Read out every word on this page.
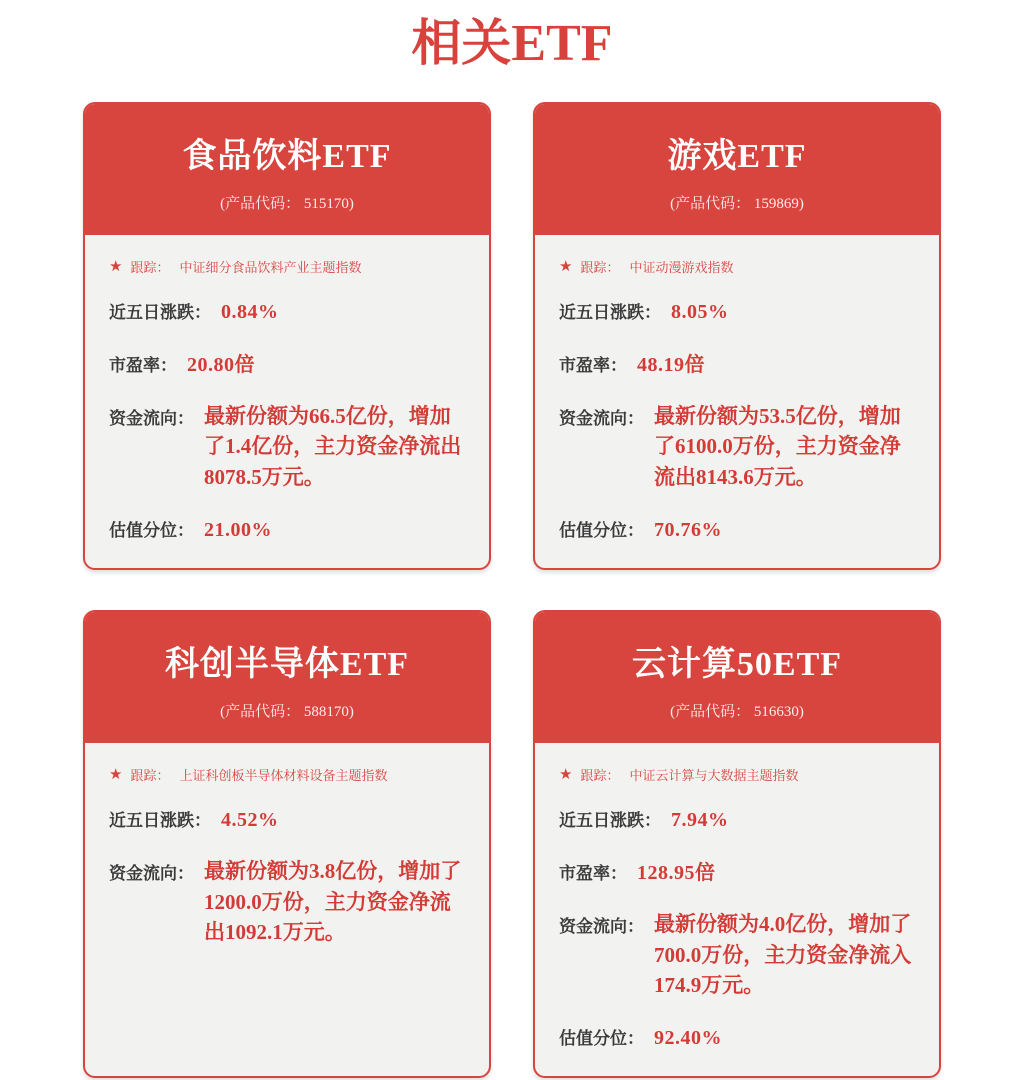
相关ETF
食品饮料ETF
(产品代码： 515170)
★ 跟踪： 中证细分食品饮料产业主题指数
近五日涨跌： 0.84%
市盈率： 20.80倍
资金流向： 最新份额为66.5亿份，增加了1.4亿份，主力资金净流出8078.5万元。
估值分位： 21.00%
游戏ETF
(产品代码： 159869)
★ 跟踪： 中证动漫游戏指数
近五日涨跌： 8.05%
市盈率： 48.19倍
资金流向： 最新份额为53.5亿份，增加了6100.0万份，主力资金净流出8143.6万元。
估值分位： 70.76%
科创半导体ETF
(产品代码： 588170)
★ 跟踪： 上证科创板半导体材料设备主题指数
近五日涨跌： 4.52%
资金流向： 最新份额为3.8亿份，增加了1200.0万份，主力资金净流出1092.1万元。
云计算50ETF
(产品代码： 516630)
★ 跟踪： 中证云计算与大数据主题指数
近五日涨跌： 7.94%
市盈率： 128.95倍
资金流向： 最新份额为4.0亿份，增加了700.0万份，主力资金净流入174.9万元。
估值分位： 92.40%
